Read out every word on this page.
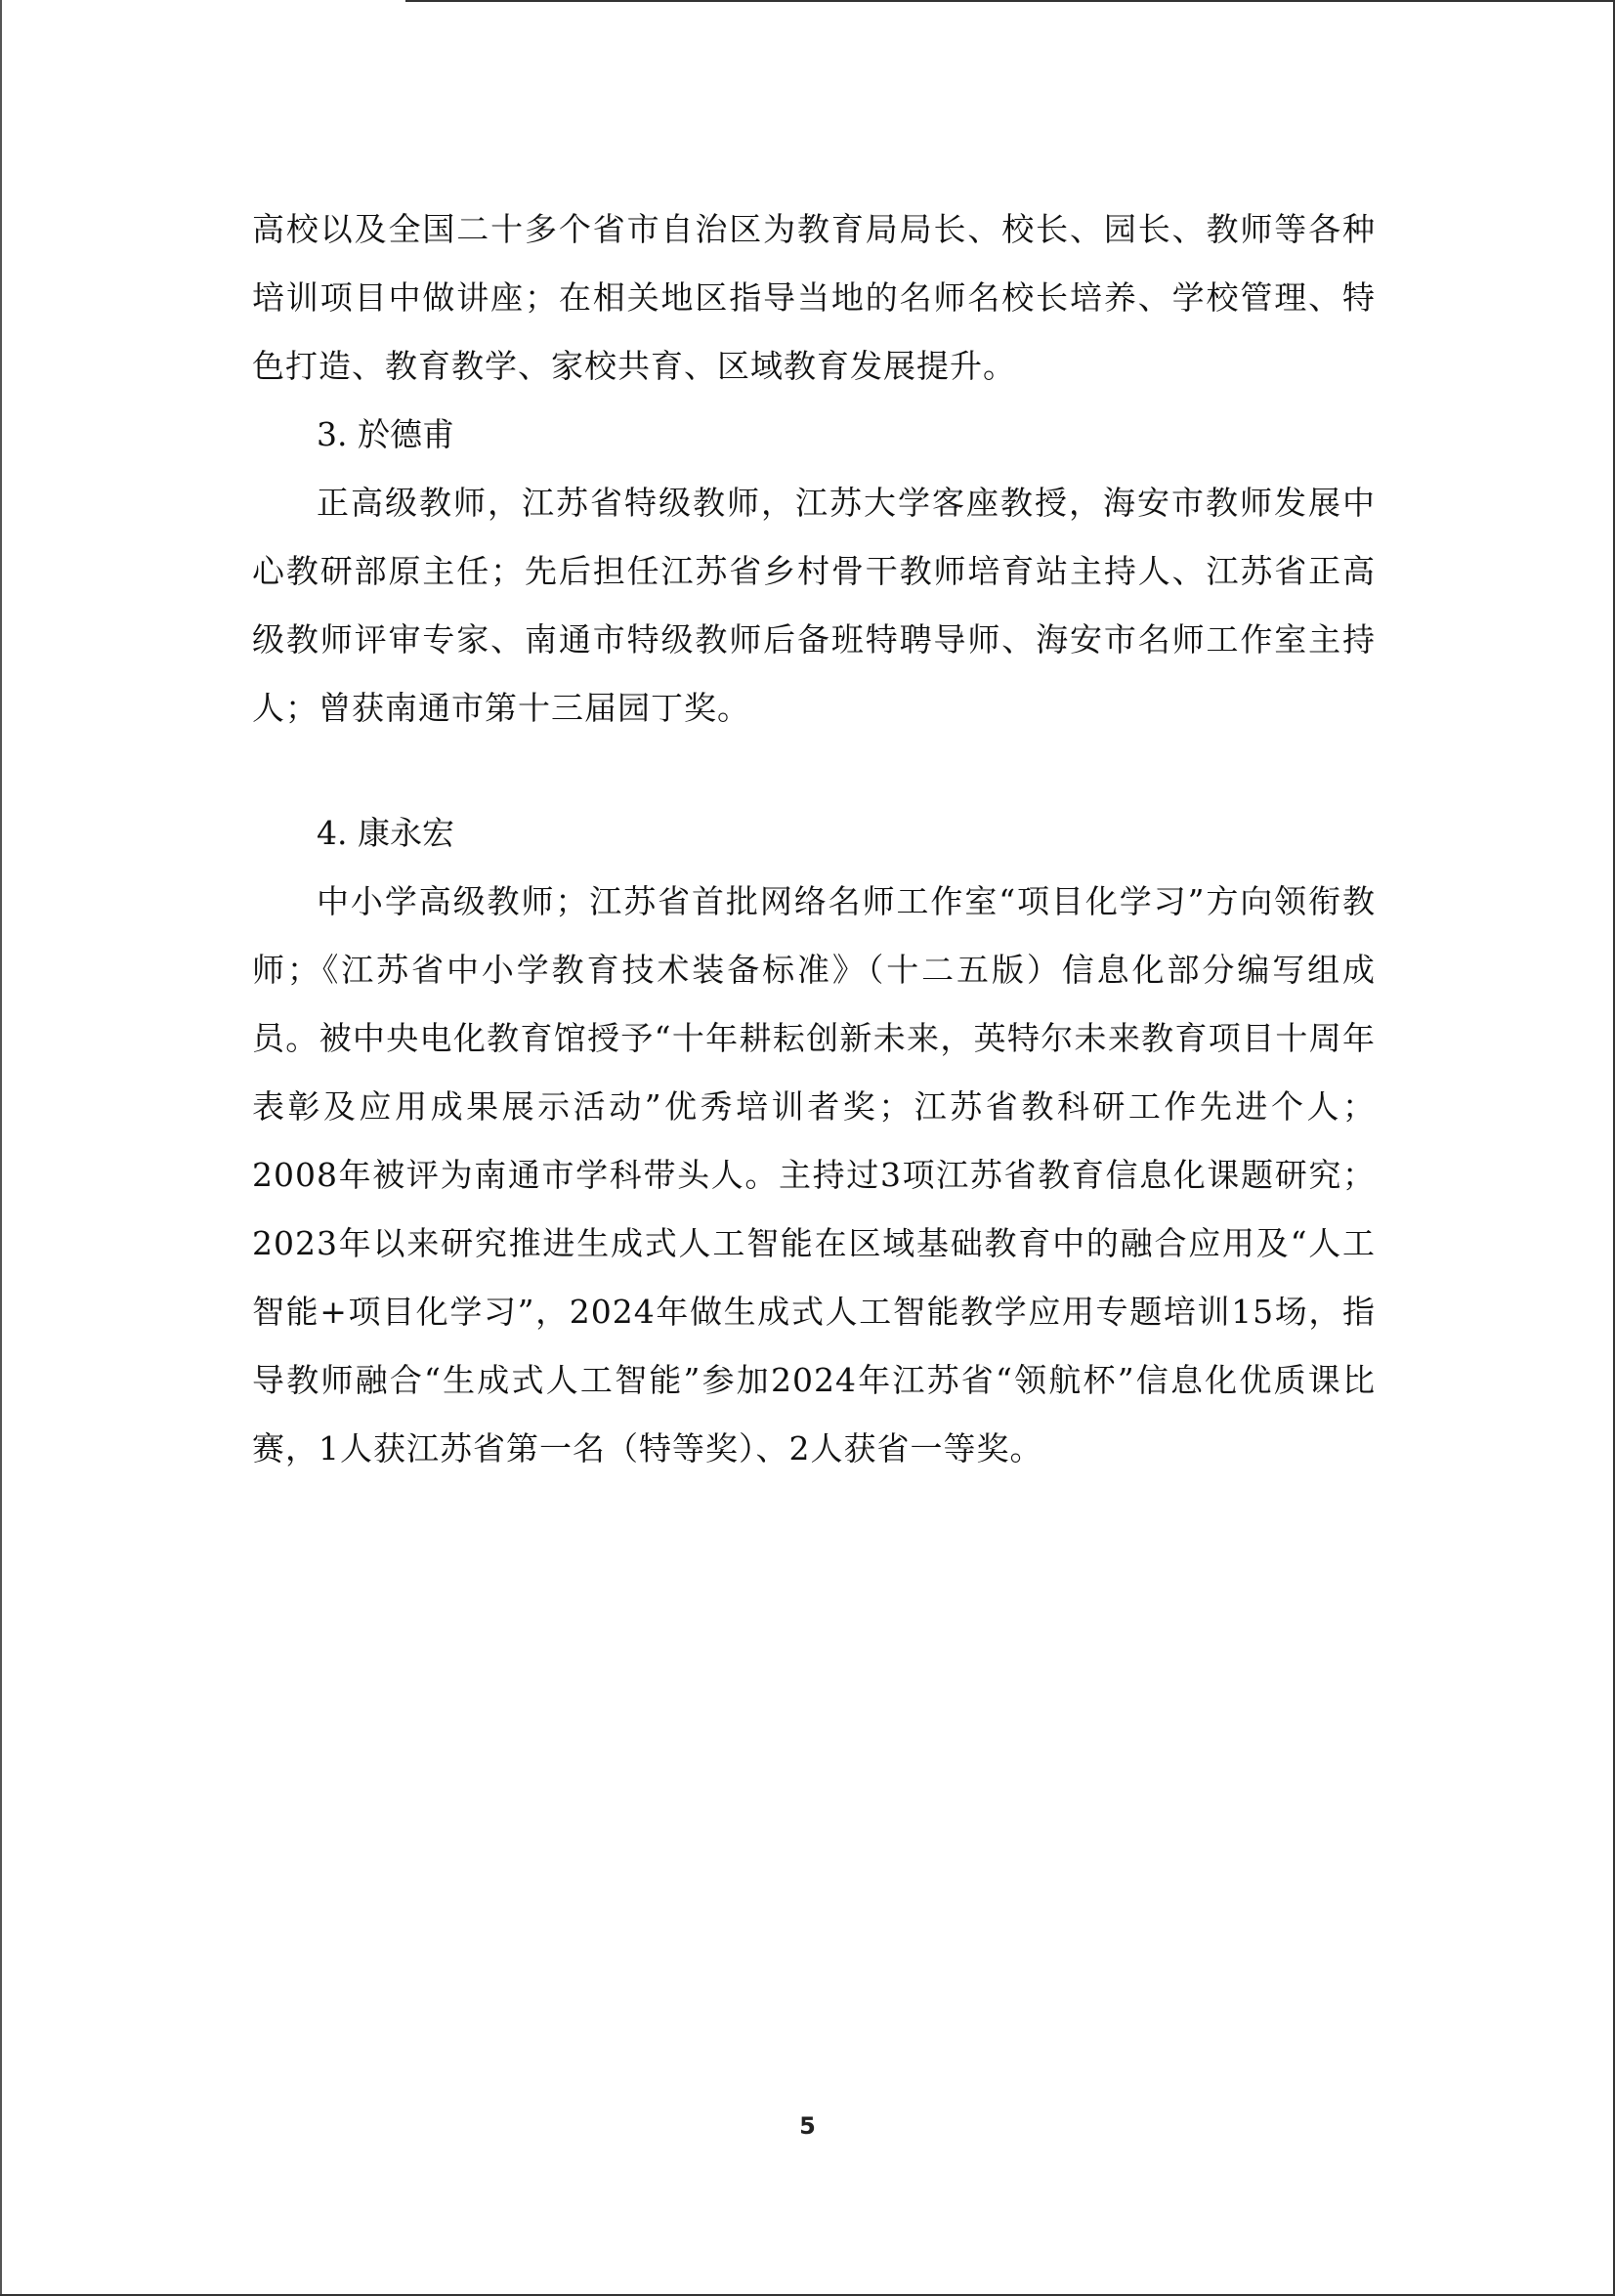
高校以及全国二十多个省市自治区为教育局局长、校长、园长、教师等各种培训项目中做讲座；在相关地区指导当地的名师名校长培养、学校管理、特色打造、教育教学、家校共育、区域教育发展提升。

3. 於德甫

正高级教师，江苏省特级教师，江苏大学客座教授，海安市教师发展中心教研部原主任；先后担任江苏省乡村骨干教师培育站主持人、江苏省正高级教师评审专家、南通市特级教师后备班特聘导师、海安市名师工作室主持人；曾获南通市第十三届园丁奖。

4. 康永宏

中小学高级教师；江苏省首批网络名师工作室“项目化学习”方向领衔教师；《江苏省中小学教育技术装备标准》（十二五版）信息化部分编写组成员。被中央电化教育馆授予“十年耕耘创新未来，英特尔未来教育项目十周年表彰及应用成果展示活动”优秀培训者奖；江苏省教科研工作先进个人；2008年被评为南通市学科带头人。主持过3项江苏省教育信息化课题研究；2023年以来研究推进生成式人工智能在区域基础教育中的融合应用及“人工智能+项目化学习”，2024年做生成式人工智能教学应用专题培训15场，指导教师融合“生成式人工智能”参加2024年江苏省“领航杯”信息化优质课比赛，1人获江苏省第一名（特等奖）、2人获省一等奖。

5
